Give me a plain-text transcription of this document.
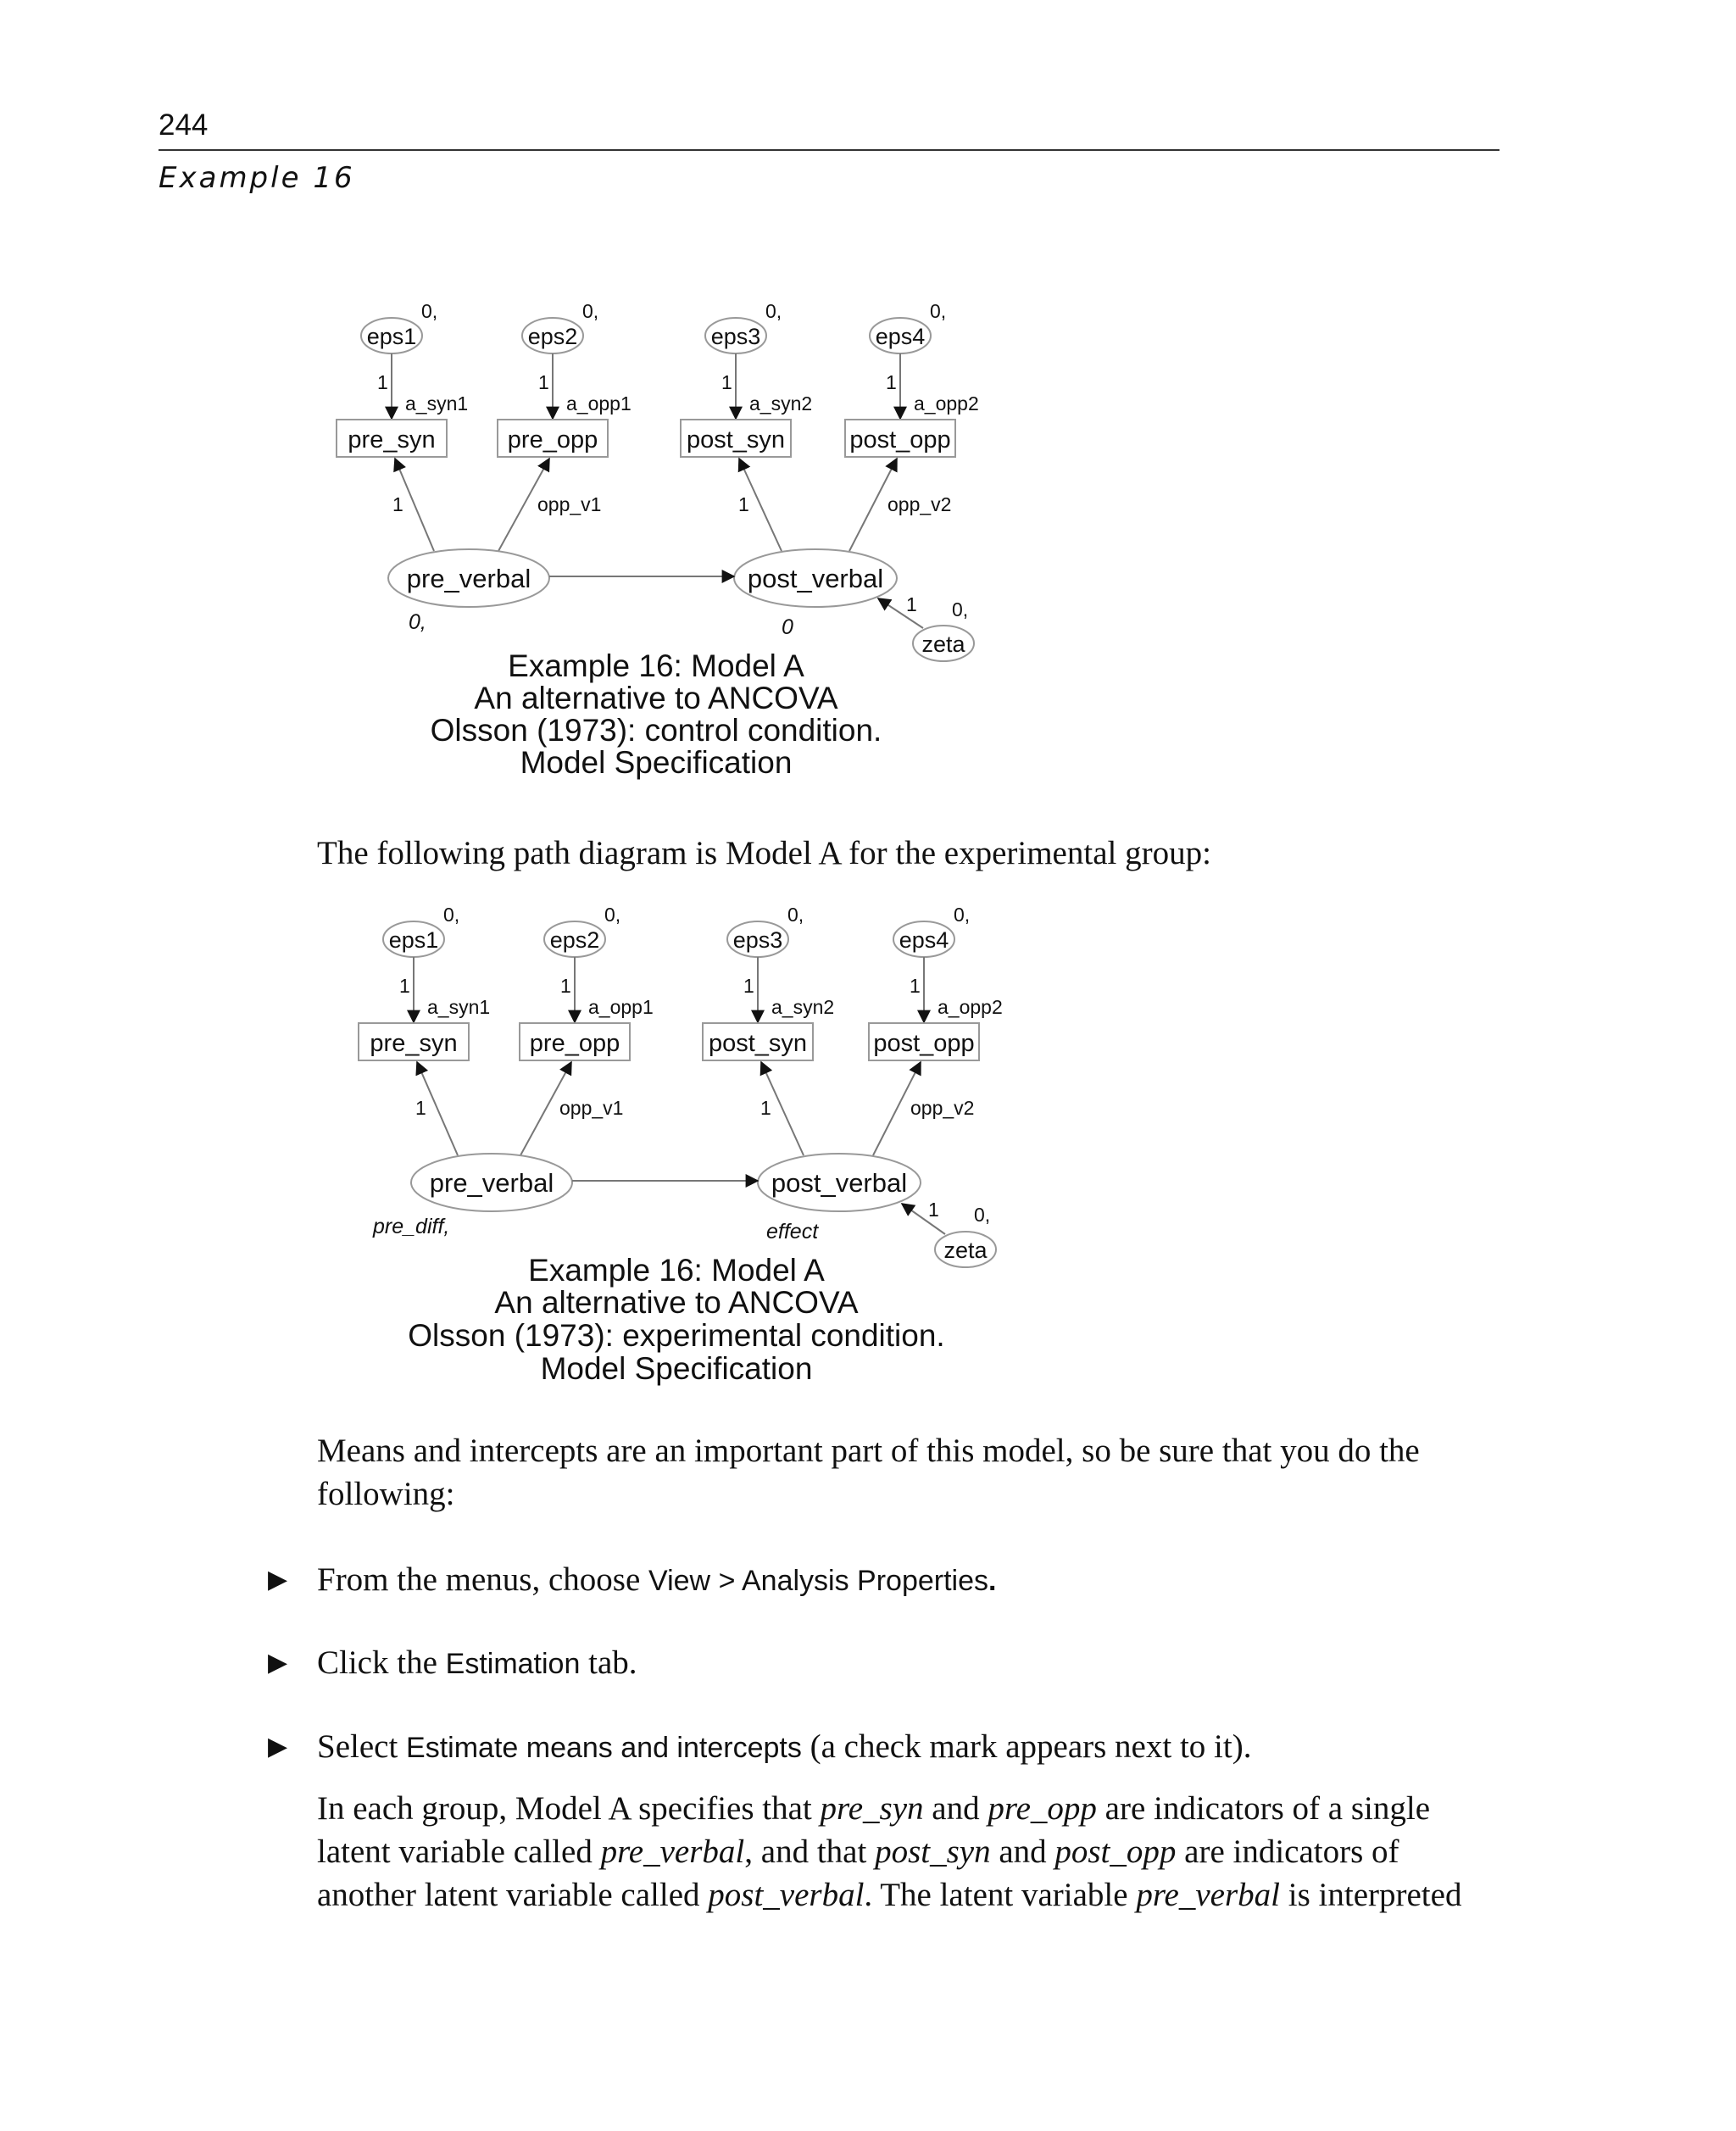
244
Example 16
eps1	eps2	eps3	eps4
0,	0,	0,	0,
1	1	1	1
a_syn1	a_opp1	a_syn2	a_opp2
pre_syn	pre_opp	post_syn	post_opp
1	opp_v1	1	opp_v2
pre_verbal	post_verbal
0,	0
zeta
1 0,
Example 16: Model A
An alternative to ANCOVA
Olsson (1973): control condition.
Model Specification

The following path diagram is Model A for the experimental group:

eps1	eps2	eps3	eps4
0,	0,	0,	0,
1	1	1	1
a_syn1	a_opp1	a_syn2	a_opp2
pre_syn	pre_opp	post_syn	post_opp
1	opp_v1	1	opp_v2
pre_verbal	post_verbal
pre_diff,	effect
zeta
1 0,
Example 16: Model A
An alternative to ANCOVA
Olsson (1973): experimental condition.
Model Specification

Means and intercepts are an important part of this model, so be sure that you do the
following:

▶ From the menus, choose View > Analysis Properties.
▶ Click the Estimation tab.
▶ Select Estimate means and intercepts (a check mark appears next to it).

In each group, Model A specifies that pre_syn and pre_opp are indicators of a single
latent variable called pre_verbal, and that post_syn and post_opp are indicators of
another latent variable called post_verbal. The latent variable pre_verbal is interpreted
